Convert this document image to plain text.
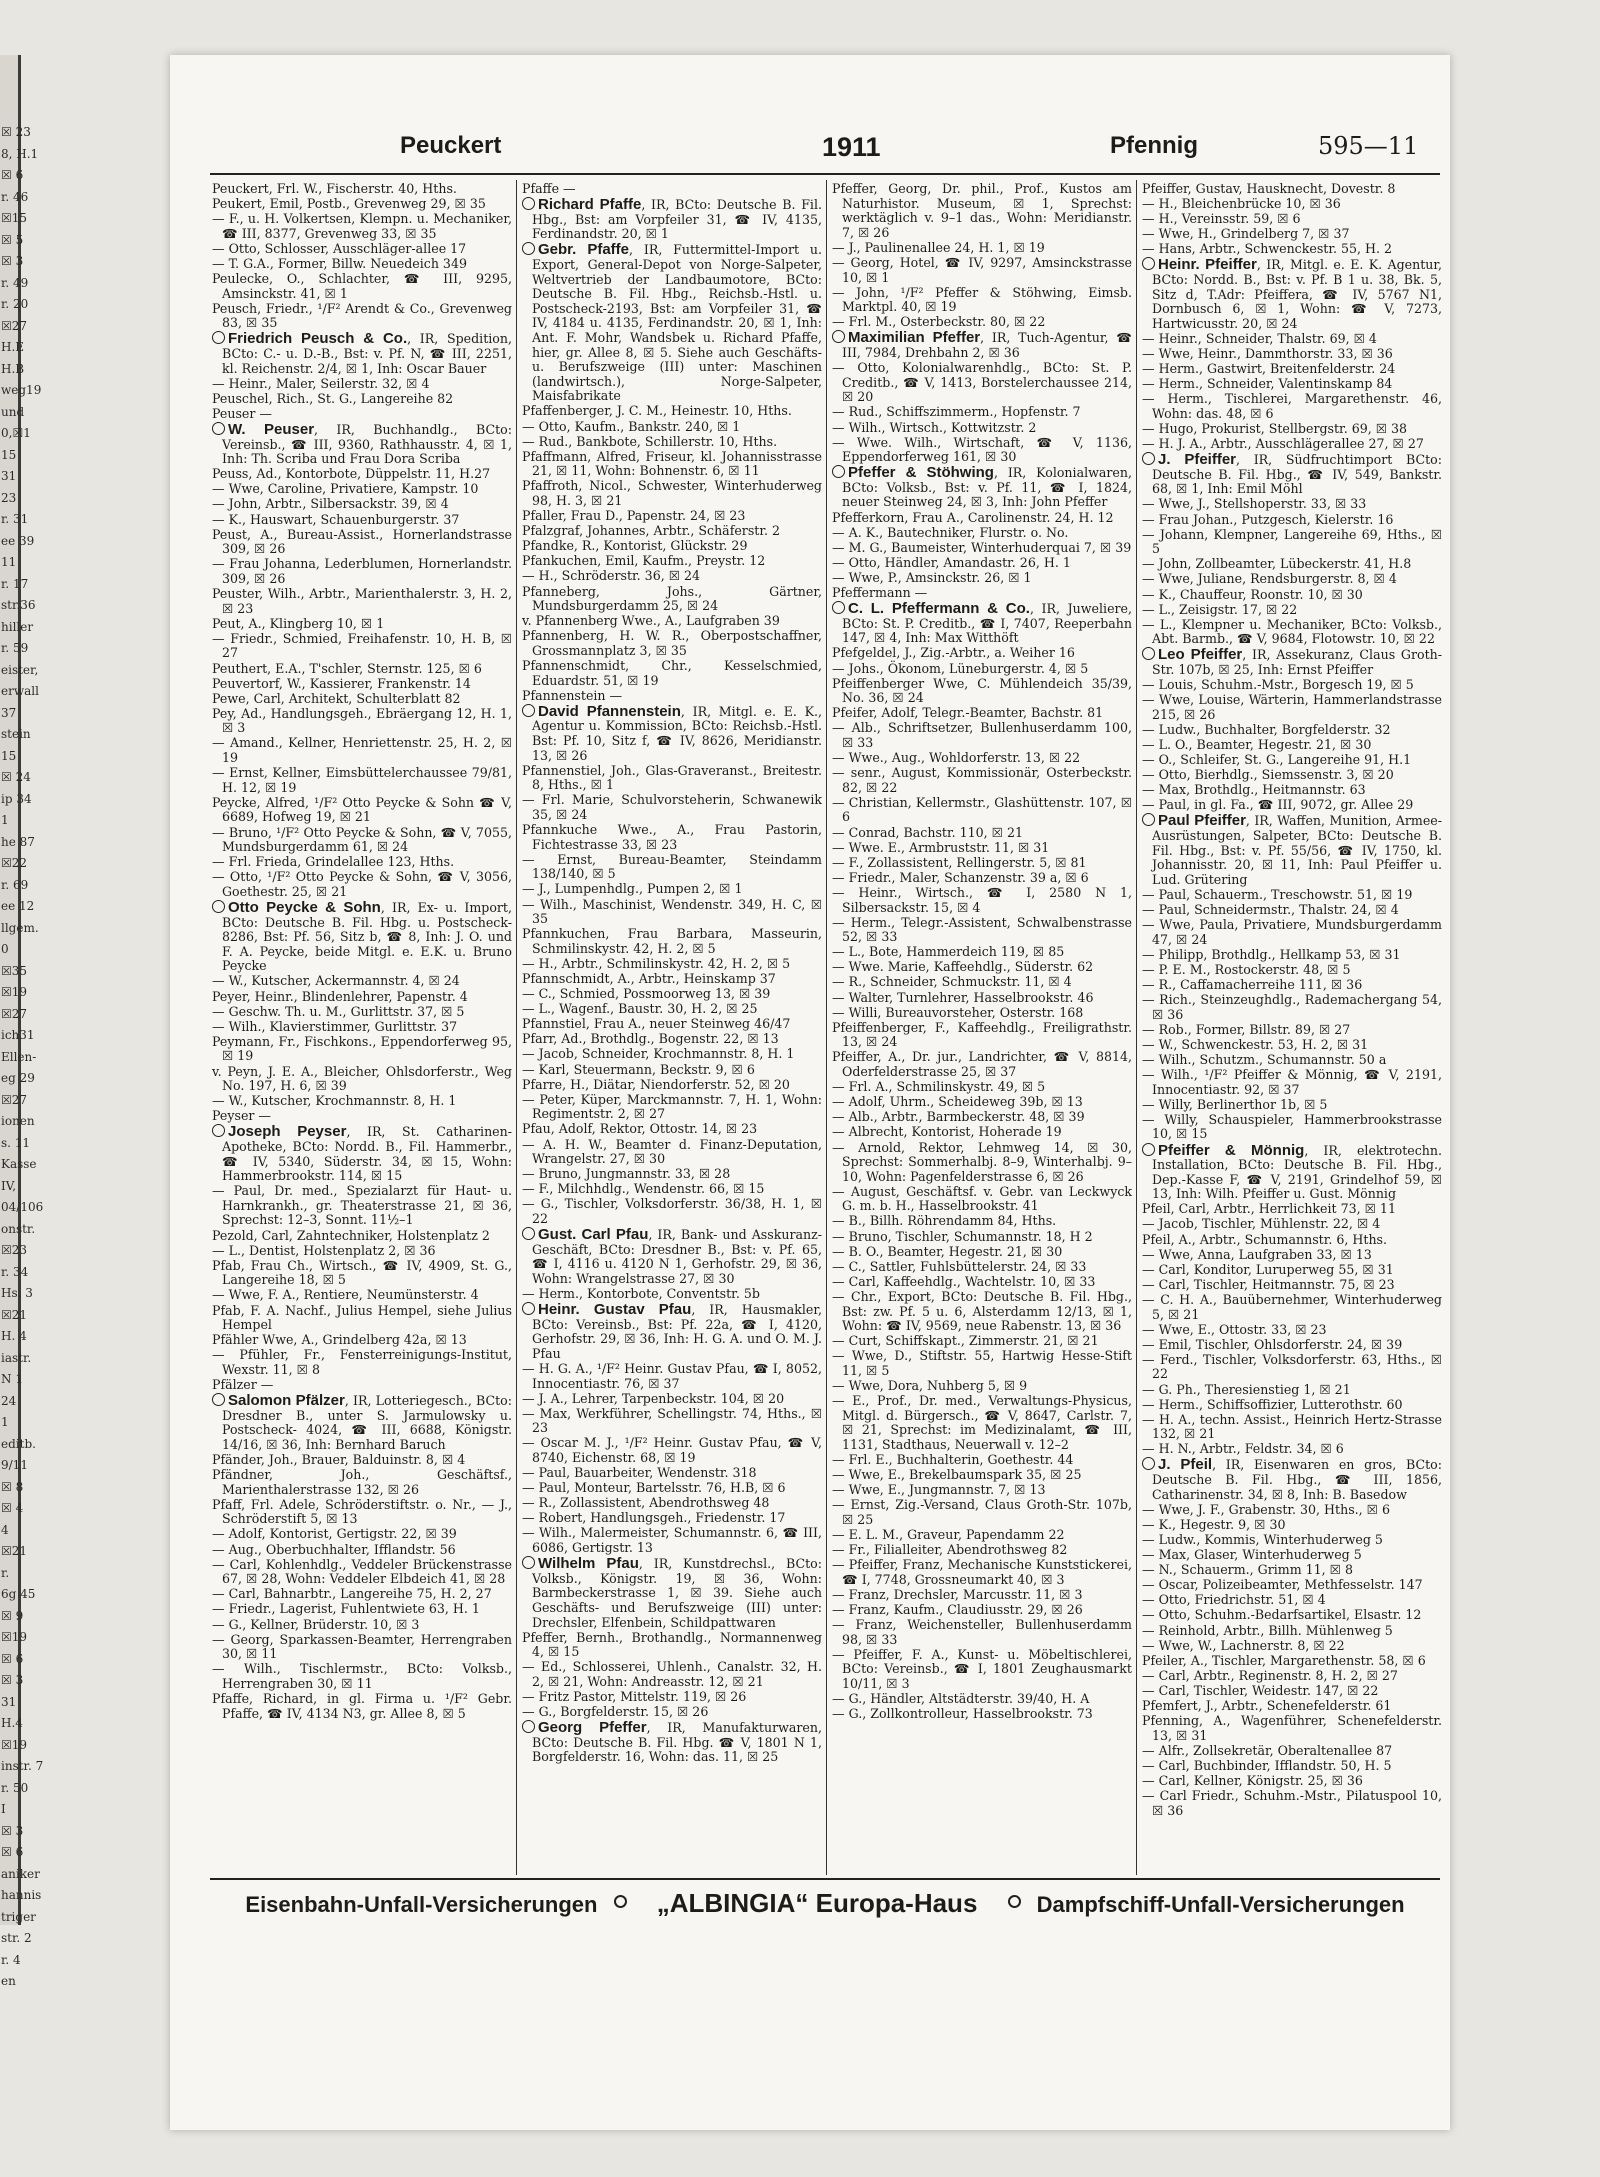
☒ 23
8, H.1
☒ 6
r. 46
☒15
☒ 5
☒ 3
r. 49
r. 20
☒27
H.E
H.B
weg19
und
0,☒1
15
31
23
r. 31
ee 39
11
r. 17
str.36
hiller
r. 59
eister,
erwall
37
stein
15
☒ 24
ip 34
1
he 87
☒22
r. 69
ee 12
llgem.
0
☒35
☒19
☒27
ich31
Ellen-
eg 29
☒27
ionen
s. 11
Kasse
IV,
04/106
onstr.
☒23
r. 34
Hs. 3
☒21
H. 4
iastr.
N 1
24
1
editb.
9/11
☒ 8
☒ 4
4
☒21
r.
6g 45
☒ 9
☒19
☒ 6
☒ 3
31
H.4
☒19
instr. 7
r. 50
I
☒ 3
☒ 6
aniker
hannis
triger
str. 2
r. 4
en
Peuckert	1911	Pfennig	595—11
Peuckert, Frl. W., Fischerstr. 40, Hths.
Peukert, Emil, Postb., Grevenweg 29, ☒ 35
— F., u. H. Volkertsen, Klempn. u. Mechaniker, ☎ III, 8377, Grevenweg 33, ☒ 35
— Otto, Schlosser, Ausschläger-allee 17
— T. G.A., Former, Billw. Neuedeich 349
Peulecke, O., Schlachter, ☎ III, 9295, Amsinckstr. 41, ☒ 1
Peusch, Friedr., ¹/F² Arendt & Co., Grevenweg 83, ☒ 35
Friedrich Peusch & Co., IR, Spedition, BCto: C.- u. D.-B., Bst: v. Pf. N, ☎ III, 2251, kl. Reichenstr. 2/4, ☒ 1, Inh: Oscar Bauer
— Heinr., Maler, Seilerstr. 32, ☒ 4
Peuschel, Rich., St. G., Langereihe 82
Peuser —
W. Peuser, IR, Buchhandlg., BCto: Vereinsb., ☎ III, 9360, Rathhausstr. 4, ☒ 1, Inh: Th. Scriba und Frau Dora Scriba
Peuss, Ad., Kontorbote, Düppelstr. 11, H.27
— Wwe, Caroline, Privatiere, Kampstr. 10
— John, Arbtr., Silbersackstr. 39, ☒ 4
— K., Hauswart, Schauenburgerstr. 37
Peust, A., Bureau-Assist., Hornerlandstrasse 309, ☒ 26
— Frau Johanna, Lederblumen, Hornerlandstr. 309, ☒ 26
Peuster, Wilh., Arbtr., Marienthalerstr. 3, H. 2, ☒ 23
Peut, A., Klingberg 10, ☒ 1
— Friedr., Schmied, Freihafenstr. 10, H. B, ☒ 27
Peuthert, E.A., T'schler, Sternstr. 125, ☒ 6
Peuvertorf, W., Kassierer, Frankenstr. 14
Pewe, Carl, Architekt, Schulterblatt 82
Pey, Ad., Handlungsgeh., Ebräergang 12, H. 1, ☒ 3
— Amand., Kellner, Henriettenstr. 25, H. 2, ☒ 19
— Ernst, Kellner, Eimsbüttelerchaussee 79/81, H. 12, ☒ 19
Peycke, Alfred, ¹/F² Otto Peycke & Sohn ☎ V, 6689, Hofweg 19, ☒ 21
— Bruno, ¹/F² Otto Peycke & Sohn, ☎ V, 7055, Mundsburgerdamm 61, ☒ 24
— Frl. Frieda, Grindelallee 123, Hths.
— Otto, ¹/F² Otto Peycke & Sohn, ☎ V, 3056, Goethestr. 25, ☒ 21
Otto Peycke & Sohn, IR, Ex- u. Import, BCto: Deutsche B. Fil. Hbg. u. Postscheck- 8286, Bst: Pf. 56, Sitz b, ☎ 8, Inh: J. O. und F. A. Peycke, beide Mitgl. e. E.K. u. Bruno Peycke
— W., Kutscher, Ackermannstr. 4, ☒ 24
Peyer, Heinr., Blindenlehrer, Papenstr. 4
— Geschw. Th. u. M., Gurlittstr. 37, ☒ 5
— Wilh., Klavierstimmer, Gurlittstr. 37
Peymann, Fr., Fischkons., Eppendorferweg 95, ☒ 19
v. Peyn, J. E. A., Bleicher, Ohlsdorferstr., Weg No. 197, H. 6, ☒ 39
— W., Kutscher, Krochmannstr. 8, H. 1
Peyser —
Joseph Peyser, IR, St. Catharinen-Apotheke, BCto: Nordd. B., Fil. Hammerbr., ☎ IV, 5340, Süderstr. 34, ☒ 15, Wohn: Hammerbrookstr. 114, ☒ 15
— Paul, Dr. med., Spezialarzt für Haut- u. Harnkrankh., gr. Theaterstrasse 21, ☒ 36, Sprechst: 12–3, Sonnt. 11½–1
Pezold, Carl, Zahntechniker, Holstenplatz 2
— L., Dentist, Holstenplatz 2, ☒ 36
Pfab, Frau Ch., Wirtsch., ☎ IV, 4909, St. G., Langereihe 18, ☒ 5
— Wwe, F. A., Rentiere, Neumünsterstr. 4
Pfab, F. A. Nachf., Julius Hempel, siehe Julius Hempel
Pfähler Wwe, A., Grindelberg 42a, ☒ 13
— Pfühler, Fr., Fensterreinigungs-Institut, Wexstr. 11, ☒ 8
Pfälzer —
Salomon Pfälzer, IR, Lotteriegesch., BCto: Dresdner B., unter S. Jarmulowsky u. Postscheck- 4024, ☎ III, 6688, Königstr. 14/16, ☒ 36, Inh: Bernhard Baruch
Pfänder, Joh., Brauer, Balduinstr. 8, ☒ 4
Pfändner, Joh., Geschäftsf., Marienthalerstrasse 132, ☒ 26
Pfaff, Frl. Adele, Schröderstiftstr. o. Nr., — J., Schröderstift 5, ☒ 13
— Adolf, Kontorist, Gertigstr. 22, ☒ 39
— Aug., Oberbuchhalter, Ifflandstr. 56
— Carl, Kohlenhdlg., Veddeler Brückenstrasse 67, ☒ 28, Wohn: Veddeler Elbdeich 41, ☒ 28
— Carl, Bahnarbtr., Langereihe 75, H. 2, 27
— Friedr., Lagerist, Fuhlentwiete 63, H. 1
— G., Kellner, Brüderstr. 10, ☒ 3
— Georg, Sparkassen-Beamter, Herrengraben 30, ☒ 11
— Wilh., Tischlermstr., BCto: Volksb., Herrengraben 30, ☒ 11
Pfaffe, Richard, in gl. Firma u. ¹/F² Gebr. Pfaffe, ☎ IV, 4134 N3, gr. Allee 8, ☒ 5
Pfaffe —
Richard Pfaffe, IR, BCto: Deutsche B. Fil. Hbg., Bst: am Vorpfeiler 31, ☎ IV, 4135, Ferdinandstr. 20, ☒ 1
Gebr. Pfaffe, IR, Futtermittel-Import u. Export, General-Depot von Norge-Salpeter, Weltvertrieb der Landbaumotore, BCto: Deutsche B. Fil. Hbg., Reichsb.-Hstl. u. Postscheck-2193, Bst: am Vorpfeiler 31, ☎ IV, 4184 u. 4135, Ferdinandstr. 20, ☒ 1, Inh: Ant. F. Mohr, Wandsbek u. Richard Pfaffe, hier, gr. Allee 8, ☒ 5. Siehe auch Geschäfts- u. Berufszweige (III) unter: Maschinen (landwirtsch.), Norge-Salpeter, Maisfabrikate
Pfaffenberger, J. C. M., Heinestr. 10, Hths.
— Otto, Kaufm., Bankstr. 240, ☒ 1
— Rud., Bankbote, Schillerstr. 10, Hths.
Pfaffmann, Alfred, Friseur, kl. Johannisstrasse 21, ☒ 11, Wohn: Bohnenstr. 6, ☒ 11
Pfaffroth, Nicol., Schwester, Winterhuderweg 98, H. 3, ☒ 21
Pfaller, Frau D., Papenstr. 24, ☒ 23
Pfalzgraf, Johannes, Arbtr., Schäferstr. 2
Pfandke, R., Kontorist, Glückstr. 29
Pfankuchen, Emil, Kaufm., Preystr. 12
— H., Schröderstr. 36, ☒ 24
Pfanneberg, Johs., Gärtner, Mundsburgerdamm 25, ☒ 24
v. Pfannenberg Wwe., A., Laufgraben 39
Pfannenberg, H. W. R., Oberpostschaffner, Grossmannplatz 3, ☒ 35
Pfannenschmidt, Chr., Kesselschmied, Eduardstr. 51, ☒ 19
Pfannenstein —
David Pfannenstein, IR, Mitgl. e. E. K., Agentur u. Kommission, BCto: Reichsb.-Hstl. Bst: Pf. 10, Sitz f, ☎ IV, 8626, Meridianstr. 13, ☒ 26
Pfannenstiel, Joh., Glas-Graveranst., Breitestr. 8, Hths., ☒ 1
— Frl. Marie, Schulvorsteherin, Schwanewik 35, ☒ 24
Pfannkuche Wwe., A., Frau Pastorin, Fichtestrasse 33, ☒ 23
— Ernst, Bureau-Beamter, Steindamm 138/140, ☒ 5
— J., Lumpenhdlg., Pumpen 2, ☒ 1
— Wilh., Maschinist, Wendenstr. 349, H. C, ☒ 35
Pfannkuchen, Frau Barbara, Masseurin, Schmilinskystr. 42, H. 2, ☒ 5
— H., Arbtr., Schmilinskystr. 42, H. 2, ☒ 5
Pfannschmidt, A., Arbtr., Heinskamp 37
— C., Schmied, Possmoorweg 13, ☒ 39
— L., Wagenf., Baustr. 30, H. 2, ☒ 25
Pfannstiel, Frau A., neuer Steinweg 46/47
Pfarr, Ad., Brothdlg., Bogenstr. 22, ☒ 13
— Jacob, Schneider, Krochmannstr. 8, H. 1
— Karl, Steuermann, Beckstr. 9, ☒ 6
Pfarre, H., Diätar, Niendorferstr. 52, ☒ 20
— Peter, Küper, Marckmannstr. 7, H. 1, Wohn: Regimentstr. 2, ☒ 27
Pfau, Adolf, Rektor, Ottostr. 14, ☒ 23
— A. H. W., Beamter d. Finanz-Deputation, Wrangelstr. 27, ☒ 30
— Bruno, Jungmannstr. 33, ☒ 28
— F., Milchhdlg., Wendenstr. 66, ☒ 15
— G., Tischler, Volksdorferstr. 36/38, H. 1, ☒ 22
Gust. Carl Pfau, IR, Bank- und Asskuranz-Geschäft, BCto: Dresdner B., Bst: v. Pf. 65, ☎ I, 4116 u. 4120 N 1, Gerhofstr. 29, ☒ 36, Wohn: Wrangelstrasse 27, ☒ 30
— Herm., Kontorbote, Conventstr. 5b
Heinr. Gustav Pfau, IR, Hausmakler, BCto: Vereinsb., Bst: Pf. 22a, ☎ I, 4120, Gerhofstr. 29, ☒ 36, Inh: H. G. A. und O. M. J. Pfau
— H. G. A., ¹/F² Heinr. Gustav Pfau, ☎ I, 8052, Innocentiastr. 76, ☒ 37
— J. A., Lehrer, Tarpenbeckstr. 104, ☒ 20
— Max, Werkführer, Schellingstr. 74, Hths., ☒ 23
— Oscar M. J., ¹/F² Heinr. Gustav Pfau, ☎ V, 8740, Eichenstr. 68, ☒ 19
— Paul, Bauarbeiter, Wendenstr. 318
— Paul, Monteur, Bartelsstr. 76, H.B, ☒ 6
— R., Zollassistent, Abendrothsweg 48
— Robert, Handlungsgeh., Friedenstr. 17
— Wilh., Malermeister, Schumannstr. 6, ☎ III, 6086, Gertigstr. 13
Wilhelm Pfau, IR, Kunstdrechsl., BCto: Volksb., Königstr. 19, ☒ 36, Wohn: Barmbeckerstrasse 1, ☒ 39. Siehe auch Geschäfts- und Berufszweige (III) unter: Drechsler, Elfenbein, Schildpattwaren
Pfeffer, Bernh., Brothandlg., Normannenweg 4, ☒ 15
— Ed., Schlosserei, Uhlenh., Canalstr. 32, H. 2, ☒ 21, Wohn: Andreasstr. 12, ☒ 21
— Fritz Pastor, Mittelstr. 119, ☒ 26
— G., Borgfelderstr. 15, ☒ 26
Georg Pfeffer, IR, Manufakturwaren, BCto: Deutsche B. Fil. Hbg. ☎ V, 1801 N 1, Borgfelderstr. 16, Wohn: das. 11, ☒ 25
Pfeffer, Georg, Dr. phil., Prof., Kustos am Naturhistor. Museum, ☒ 1, Sprechst: werktäglich v. 9–1 das., Wohn: Meridianstr. 7, ☒ 26
— J., Paulinenallee 24, H. 1, ☒ 19
— Georg, Hotel, ☎ IV, 9297, Amsinckstrasse 10, ☒ 1
— John, ¹/F² Pfeffer & Stöhwing, Eimsb. Marktpl. 40, ☒ 19
— Frl. M., Osterbeckstr. 80, ☒ 22
Maximilian Pfeffer, IR, Tuch-Agentur, ☎ III, 7984, Drehbahn 2, ☒ 36
— Otto, Kolonialwarenhdlg., BCto: St. P. Creditb., ☎ V, 1413, Borstelerchaussee 214, ☒ 20
— Rud., Schiffszimmerm., Hopfenstr. 7
— Wilh., Wirtsch., Kottwitzstr. 2
— Wwe. Wilh., Wirtschaft, ☎ V, 1136, Eppendorferweg 161, ☒ 30
Pfeffer & Stöhwing, IR, Kolonialwaren, BCto: Volksb., Bst: v. Pf. 11, ☎ I, 1824, neuer Steinweg 24, ☒ 3, Inh: John Pfeffer
Pfefferkorn, Frau A., Carolinenstr. 24, H. 12
— A. K., Bautechniker, Flurstr. o. No.
— M. G., Baumeister, Winterhuderquai 7, ☒ 39
— Otto, Händler, Amandastr. 26, H. 1
— Wwe, P., Amsinckstr. 26, ☒ 1
Pfeffermann —
C. L. Pfeffermann & Co., IR, Juweliere, BCto: St. P. Creditb., ☎ I, 7407, Reeperbahn 147, ☒ 4, Inh: Max Witthöft
Pfefgeldel, J., Zig.-Arbtr., a. Weiher 16
— Johs., Ökonom, Lüneburgerstr. 4, ☒ 5
Pfeiffenberger Wwe, C. Mühlendeich 35/39, No. 36, ☒ 24
Pfeifer, Adolf, Telegr.-Beamter, Bachstr. 81
— Alb., Schriftsetzer, Bullenhuserdamm 100, ☒ 33
— Wwe., Aug., Wohldorferstr. 13, ☒ 22
— senr., August, Kommissionär, Osterbeckstr. 82, ☒ 22
— Christian, Kellermstr., Glashüttenstr. 107, ☒ 6
— Conrad, Bachstr. 110, ☒ 21
— Wwe. E., Armbruststr. 11, ☒ 31
— F., Zollassistent, Rellingerstr. 5, ☒ 81
— Friedr., Maler, Schanzenstr. 39 a, ☒ 6
— Heinr., Wirtsch., ☎ I, 2580 N 1, Silbersackstr. 15, ☒ 4
— Herm., Telegr.-Assistent, Schwalbenstrasse 52, ☒ 33
— L., Bote, Hammerdeich 119, ☒ 85
— Wwe. Marie, Kaffeehdlg., Süderstr. 62
— R., Schneider, Schmuckstr. 11, ☒ 4
— Walter, Turnlehrer, Hasselbrookstr. 46
— Willi, Bureauvorsteher, Osterstr. 168
Pfeiffenberger, F., Kaffeehdlg., Freiligrathstr. 13, ☒ 24
Pfeiffer, A., Dr. jur., Landrichter, ☎ V, 8814, Oderfelderstrasse 25, ☒ 37
— Frl. A., Schmilinskystr. 49, ☒ 5
— Adolf, Uhrm., Scheideweg 39b, ☒ 13
— Alb., Arbtr., Barmbeckerstr. 48, ☒ 39
— Albrecht, Kontorist, Hoherade 19
— Arnold, Rektor, Lehmweg 14, ☒ 30, Sprechst: Sommerhalbj. 8–9, Winterhalbj. 9–10, Wohn: Pagenfelderstrasse 6, ☒ 26
— August, Geschäftsf. v. Gebr. van Leckwyck G. m. b. H., Hasselbrookstr. 41
— B., Billh. Röhrendamm 84, Hths.
— Bruno, Tischler, Schumannstr. 18, H 2
— B. O., Beamter, Hegestr. 21, ☒ 30
— C., Sattler, Fuhlsbüttelerstr. 24, ☒ 33
— Carl, Kaffeehdlg., Wachtelstr. 10, ☒ 33
— Chr., Export, BCto: Deutsche B. Fil. Hbg., Bst: zw. Pf. 5 u. 6, Alsterdamm 12/13, ☒ 1, Wohn: ☎ IV, 9569, neue Rabenstr. 13, ☒ 36
— Curt, Schiffskapt., Zimmerstr. 21, ☒ 21
— Wwe, D., Stiftstr. 55, Hartwig Hesse-Stift 11, ☒ 5
— Wwe, Dora, Nuhberg 5, ☒ 9
— E., Prof., Dr. med., Verwaltungs-Physicus, Mitgl. d. Bürgersch., ☎ V, 8647, Carlstr. 7, ☒ 21, Sprechst: im Medizinalamt, ☎ III, 1131, Stadthaus, Neuerwall v. 12–2
— Frl. E., Buchhalterin, Goethestr. 44
— Wwe, E., Brekelbaumspark 35, ☒ 25
— Wwe, E., Jungmannstr. 7, ☒ 13
— Ernst, Zig.-Versand, Claus Groth-Str. 107b, ☒ 25
— E. L. M., Graveur, Papendamm 22
— Fr., Filialleiter, Abendrothsweg 82
— Pfeiffer, Franz, Mechanische Kunststickerei, ☎ I, 7748, Grossneumarkt 40, ☒ 3
— Franz, Drechsler, Marcusstr. 11, ☒ 3
— Franz, Kaufm., Claudiusstr. 29, ☒ 26
— Franz, Weichensteller, Bullenhuserdamm 98, ☒ 33
— Pfeiffer, F. A., Kunst- u. Möbeltischlerei, BCto: Vereinsb., ☎ I, 1801 Zeughausmarkt 10/11, ☒ 3
— G., Händler, Altstädterstr. 39/40, H. A
— G., Zollkontrolleur, Hasselbrookstr. 73
Pfeiffer, Gustav, Hausknecht, Dovestr. 8
— H., Bleichenbrücke 10, ☒ 36
— H., Vereinsstr. 59, ☒ 6
— Wwe, H., Grindelberg 7, ☒ 37
— Hans, Arbtr., Schwenckestr. 55, H. 2
Heinr. Pfeiffer, IR, Mitgl. e. E. K. Agentur, BCto: Nordd. B., Bst: v. Pf. B 1 u. 38, Bk. 5, Sitz d, T.Adr: Pfeiffera, ☎ IV, 5767 N1, Dornbusch 6, ☒ 1, Wohn: ☎ V, 7273, Hartwicusstr. 20, ☒ 24
— Heinr., Schneider, Thalstr. 69, ☒ 4
— Wwe, Heinr., Dammthorstr. 33, ☒ 36
— Herm., Gastwirt, Breitenfelderstr. 24
— Herm., Schneider, Valentinskamp 84
— Herm., Tischlerei, Margarethenstr. 46, Wohn: das. 48, ☒ 6
— Hugo, Prokurist, Stellbergstr. 69, ☒ 38
— H. J. A., Arbtr., Ausschlägerallee 27, ☒ 27
J. Pfeiffer, IR, Südfruchtimport BCto: Deutsche B. Fil. Hbg., ☎ IV, 549, Bankstr. 68, ☒ 1, Inh: Emil Möhl
— Wwe, J., Stellshoperstr. 33, ☒ 33
— Frau Johan., Putzgesch, Kielerstr. 16
— Johann, Klempner, Langereihe 69, Hths., ☒ 5
— John, Zollbeamter, Lübeckerstr. 41, H.8
— Wwe, Juliane, Rendsburgerstr. 8, ☒ 4
— K., Chauffeur, Roonstr. 10, ☒ 30
— L., Zeisigstr. 17, ☒ 22
— L., Klempner u. Mechaniker, BCto: Volksb., Abt. Barmb., ☎ V, 9684, Flotowstr. 10, ☒ 22
Leo Pfeiffer, IR, Assekuranz, Claus Groth-Str. 107b, ☒ 25, Inh: Ernst Pfeiffer
— Louis, Schuhm.-Mstr., Borgesch 19, ☒ 5
— Wwe, Louise, Wärterin, Hammerlandstrasse 215, ☒ 26
— Ludw., Buchhalter, Borgfelderstr. 32
— L. O., Beamter, Hegestr. 21, ☒ 30
— O., Schleifer, St. G., Langereihe 91, H.1
— Otto, Bierhdlg., Siemssenstr. 3, ☒ 20
— Max, Brothdlg., Heitmannstr. 63
— Paul, in gl. Fa., ☎ III, 9072, gr. Allee 29
Paul Pfeiffer, IR, Waffen, Munition, Armee-Ausrüstungen, Salpeter, BCto: Deutsche B. Fil. Hbg., Bst: v. Pf. 55/56, ☎ IV, 1750, kl. Johannisstr. 20, ☒ 11, Inh: Paul Pfeiffer u. Lud. Grütering
— Paul, Schauerm., Treschowstr. 51, ☒ 19
— Paul, Schneidermstr., Thalstr. 24, ☒ 4
— Wwe, Paula, Privatiere, Mundsburgerdamm 47, ☒ 24
— Philipp, Brothdlg., Hellkamp 53, ☒ 31
— P. E. M., Rostockerstr. 48, ☒ 5
— R., Caffamacherreihe 111, ☒ 36
— Rich., Steinzeughdlg., Rademachergang 54, ☒ 36
— Rob., Former, Billstr. 89, ☒ 27
— W., Schwenckestr. 53, H. 2, ☒ 31
— Wilh., Schutzm., Schumannstr. 50 a
— Wilh., ¹/F² Pfeiffer & Mönnig, ☎ V, 2191, Innocentiastr. 92, ☒ 37
— Willy, Berlinerthor 1b, ☒ 5
— Willy, Schauspieler, Hammerbrookstrasse 10, ☒ 15
Pfeiffer & Mönnig, IR, elektrotechn. Installation, BCto: Deutsche B. Fil. Hbg., Dep.-Kasse F, ☎ V, 2191, Grindelhof 59, ☒ 13, Inh: Wilh. Pfeiffer u. Gust. Mönnig
Pfeil, Carl, Arbtr., Herrlichkeit 73, ☒ 11
— Jacob, Tischler, Mühlenstr. 22, ☒ 4
Pfeil, A., Arbtr., Schumannstr. 6, Hths.
— Wwe, Anna, Laufgraben 33, ☒ 13
— Carl, Konditor, Luruperweg 55, ☒ 31
— Carl, Tischler, Heitmannstr. 75, ☒ 23
— C. H. A., Bauübernehmer, Winterhuderweg 5, ☒ 21
— Wwe, E., Ottostr. 33, ☒ 23
— Emil, Tischler, Ohlsdorferstr. 24, ☒ 39
— Ferd., Tischler, Volksdorferstr. 63, Hths., ☒ 22
— G. Ph., Theresienstieg 1, ☒ 21
— Herm., Schiffsoffizier, Lutterothstr. 60
— H. A., techn. Assist., Heinrich Hertz-Strasse 132, ☒ 21
— H. N., Arbtr., Feldstr. 34, ☒ 6
J. Pfeil, IR, Eisenwaren en gros, BCto: Deutsche B. Fil. Hbg., ☎ III, 1856, Catharinenstr. 34, ☒ 8, Inh: B. Basedow
— Wwe, J. F., Grabenstr. 30, Hths., ☒ 6
— K., Hegestr. 9, ☒ 30
— Ludw., Kommis, Winterhuderweg 5
— Max, Glaser, Winterhuderweg 5
— N., Schauerm., Grimm 11, ☒ 8
— Oscar, Polizeibeamter, Methfesselstr. 147
— Otto, Friedrichstr. 51, ☒ 4
— Otto, Schuhm.-Bedarfsartikel, Elsastr. 12
— Reinhold, Arbtr., Billh. Mühlenweg 5
— Wwe, W., Lachnerstr. 8, ☒ 22
Pfeiler, A., Tischler, Margarethenstr. 58, ☒ 6
— Carl, Arbtr., Reginenstr. 8, H. 2, ☒ 27
— Carl, Tischler, Weidestr. 147, ☒ 22
Pfemfert, J., Arbtr., Schenefelderstr. 61
Pfenning, A., Wagenführer, Schenefelderstr. 13, ☒ 31
— Alfr., Zollsekretär, Oberaltenallee 87
— Carl, Buchbinder, Ifflandstr. 50, H. 5
— Carl, Kellner, Königstr. 25, ☒ 36
— Carl Friedr., Schuhm.-Mstr., Pilatuspool 10, ☒ 36
Eisenbahn-Unfall-Versicherungen „ALBINGIA“ Europa-Haus	Dampfschiff-Unfall-Versicherungen
